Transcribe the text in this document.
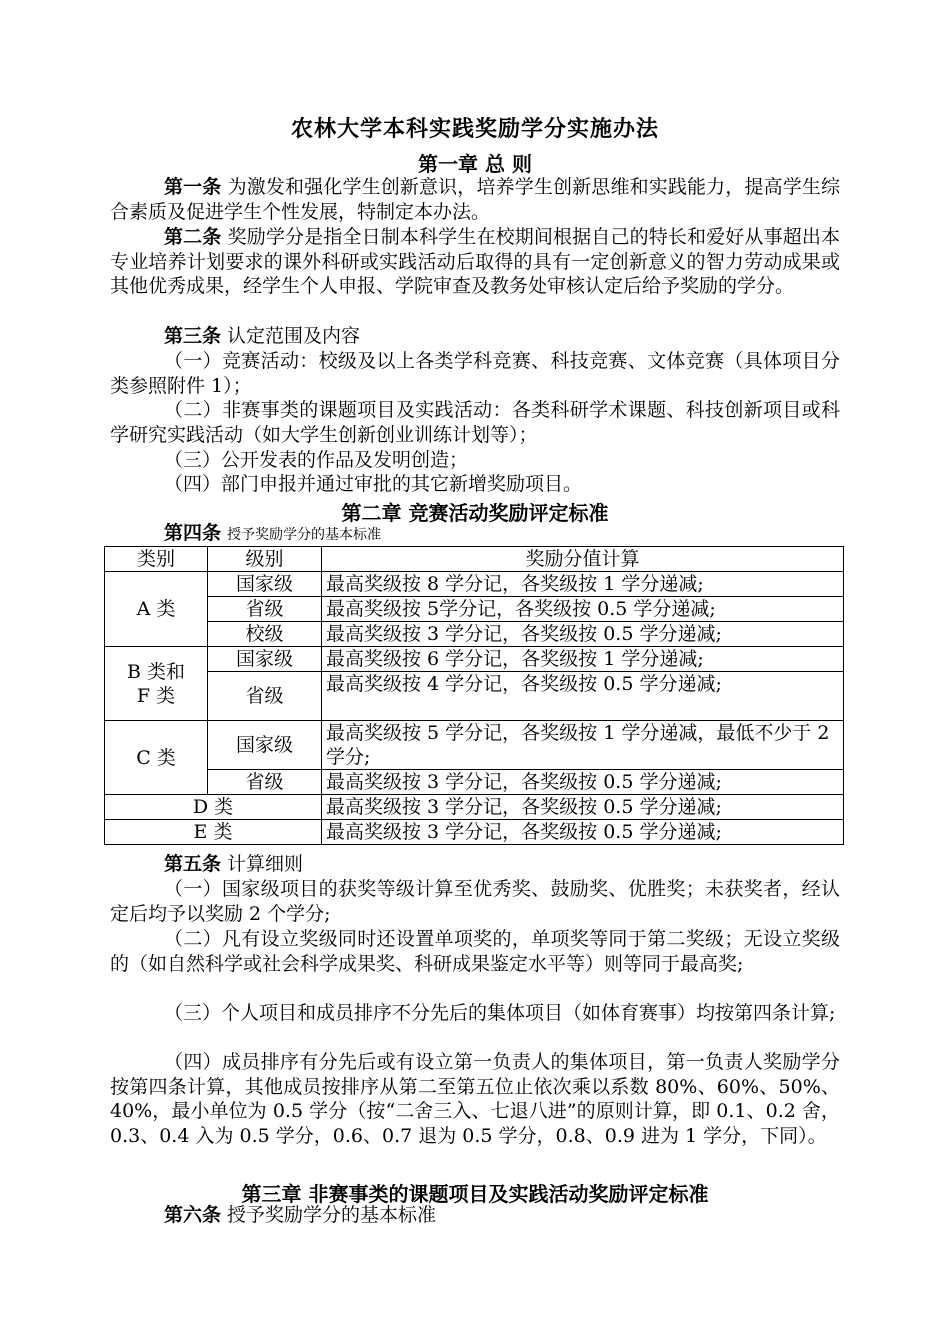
农林大学本科实践奖励学分实施办法
第一章 总 则
第一条 为激发和强化学生创新意识，培养学生创新思维和实践能力，提高学生综合素质及促进学生个性发展，特制定本办法。
第二条 奖励学分是指全日制本科学生在校期间根据自己的特长和爱好从事超出本专业培养计划要求的课外科研或实践活动后取得的具有一定创新意义的智力劳动成果或其他优秀成果，经学生个人申报、学院审查及教务处审核认定后给予奖励的学分。
第三条 认定范围及内容
（一）竞赛活动：校级及以上各类学科竞赛、科技竞赛、文体竞赛（具体项目分类参照附件 1）；
（二）非赛事类的课题项目及实践活动：各类科研学术课题、科技创新项目或科学研究实践活动（如大学生创新创业训练计划等）；
（三）公开发表的作品及发明创造；
（四）部门申报并通过审批的其它新增奖励项目。
第二章 竞赛活动奖励评定标准
第四条 授予奖励学分的基本标准
类别	级别	奖励分值计算
A 类	国家级	最高奖级按 8 学分记，各奖级按 1 学分递减;
	省级	最高奖级按 5学分记，各奖级按 0.5 学分递减;
	校级	最高奖级按 3 学分记，各奖级按 0.5 学分递减;
B 类和 F 类	国家级	最高奖级按 6 学分记，各奖级按 1 学分递减;
	省级	最高奖级按 4 学分记，各奖级按 0.5 学分递减;
C 类	国家级	最高奖级按 5 学分记，各奖级按 1 学分递减，最低不少于 2 学分;
	省级	最高奖级按 3 学分记，各奖级按 0.5 学分递减;
D 类		最高奖级按 3 学分记，各奖级按 0.5 学分递减;
E 类		最高奖级按 3 学分记，各奖级按 0.5 学分递减;
第五条 计算细则
（一）国家级项目的获奖等级计算至优秀奖、鼓励奖、优胜奖；未获奖者，经认定后均予以奖励 2 个学分;
（二）凡有设立奖级同时还设置单项奖的，单项奖等同于第二奖级；无设立奖级的（如自然科学或社会科学成果奖、科研成果鉴定水平等）则等同于最高奖;
（三）个人项目和成员排序不分先后的集体项目（如体育赛事）均按第四条计算;
（四）成员排序有分先后或有设立第一负责人的集体项目，第一负责人奖励学分按第四条计算，其他成员按排序从第二至第五位止依次乘以系数 80%、60%、50%、40%，最小单位为 0.5 学分（按“二舍三入、七退八进”的原则计算，即 0.1、0.2 舍，0.3、0.4 入为 0.5 学分，0.6、0.7 退为 0.5 学分，0.8、0.9 进为 1 学分，下同）。
第三章 非赛事类的课题项目及实践活动奖励评定标准
第六条 授予奖励学分的基本标准
